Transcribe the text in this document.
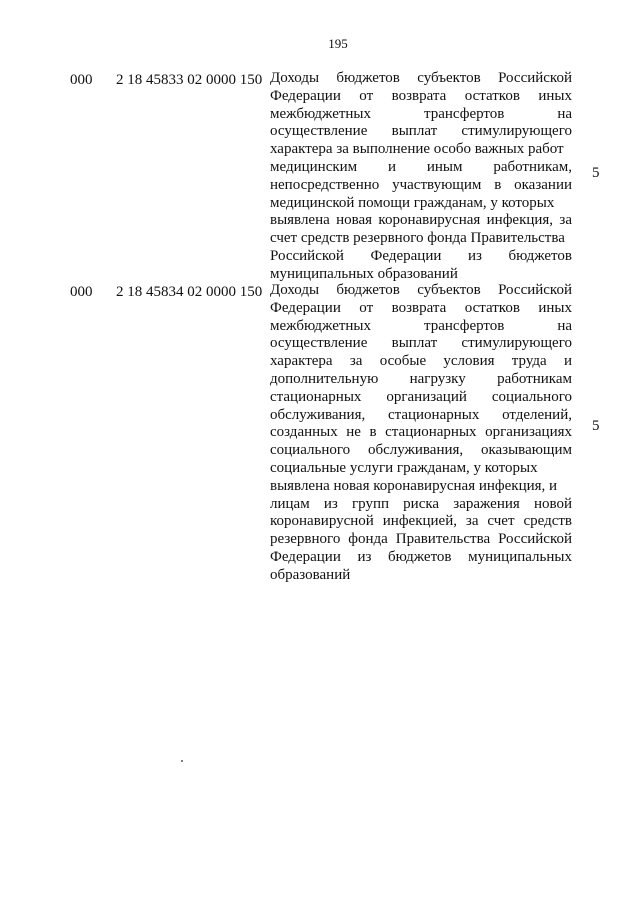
195
000 2 18 45833 02 0000 150 Доходы бюджетов субъектов Российской
Федерации от возврата остатков иных
межбюджетных трансфертов на
осуществление выплат стимулирующего
характера за выполнение особо важных работ
медицинским и иным работникам,
непосредственно участвующим в оказании
медицинской помощи гражданам, у которых
выявлена новая коронавирусная инфекция, за
счет средств резервного фонда Правительства
Российской Федерации из бюджетов
муниципальных образований
5
000 2 18 45834 02 0000 150 Доходы бюджетов субъектов Российской
Федерации от возврата остатков иных
межбюджетных трансфертов на
осуществление выплат стимулирующего
характера за особые условия труда и
дополнительную нагрузку работникам
стационарных организаций социального
обслуживания, стационарных отделений,
созданных не в стационарных организациях
социального обслуживания, оказывающим
социальные услуги гражданам, у которых
выявлена новая коронавирусная инфекция, и
лицам из групп риска заражения новой
коронавирусной инфекцией, за счет средств
резервного фонда Правительства Российской
Федерации из бюджетов муниципальных
образований
5
